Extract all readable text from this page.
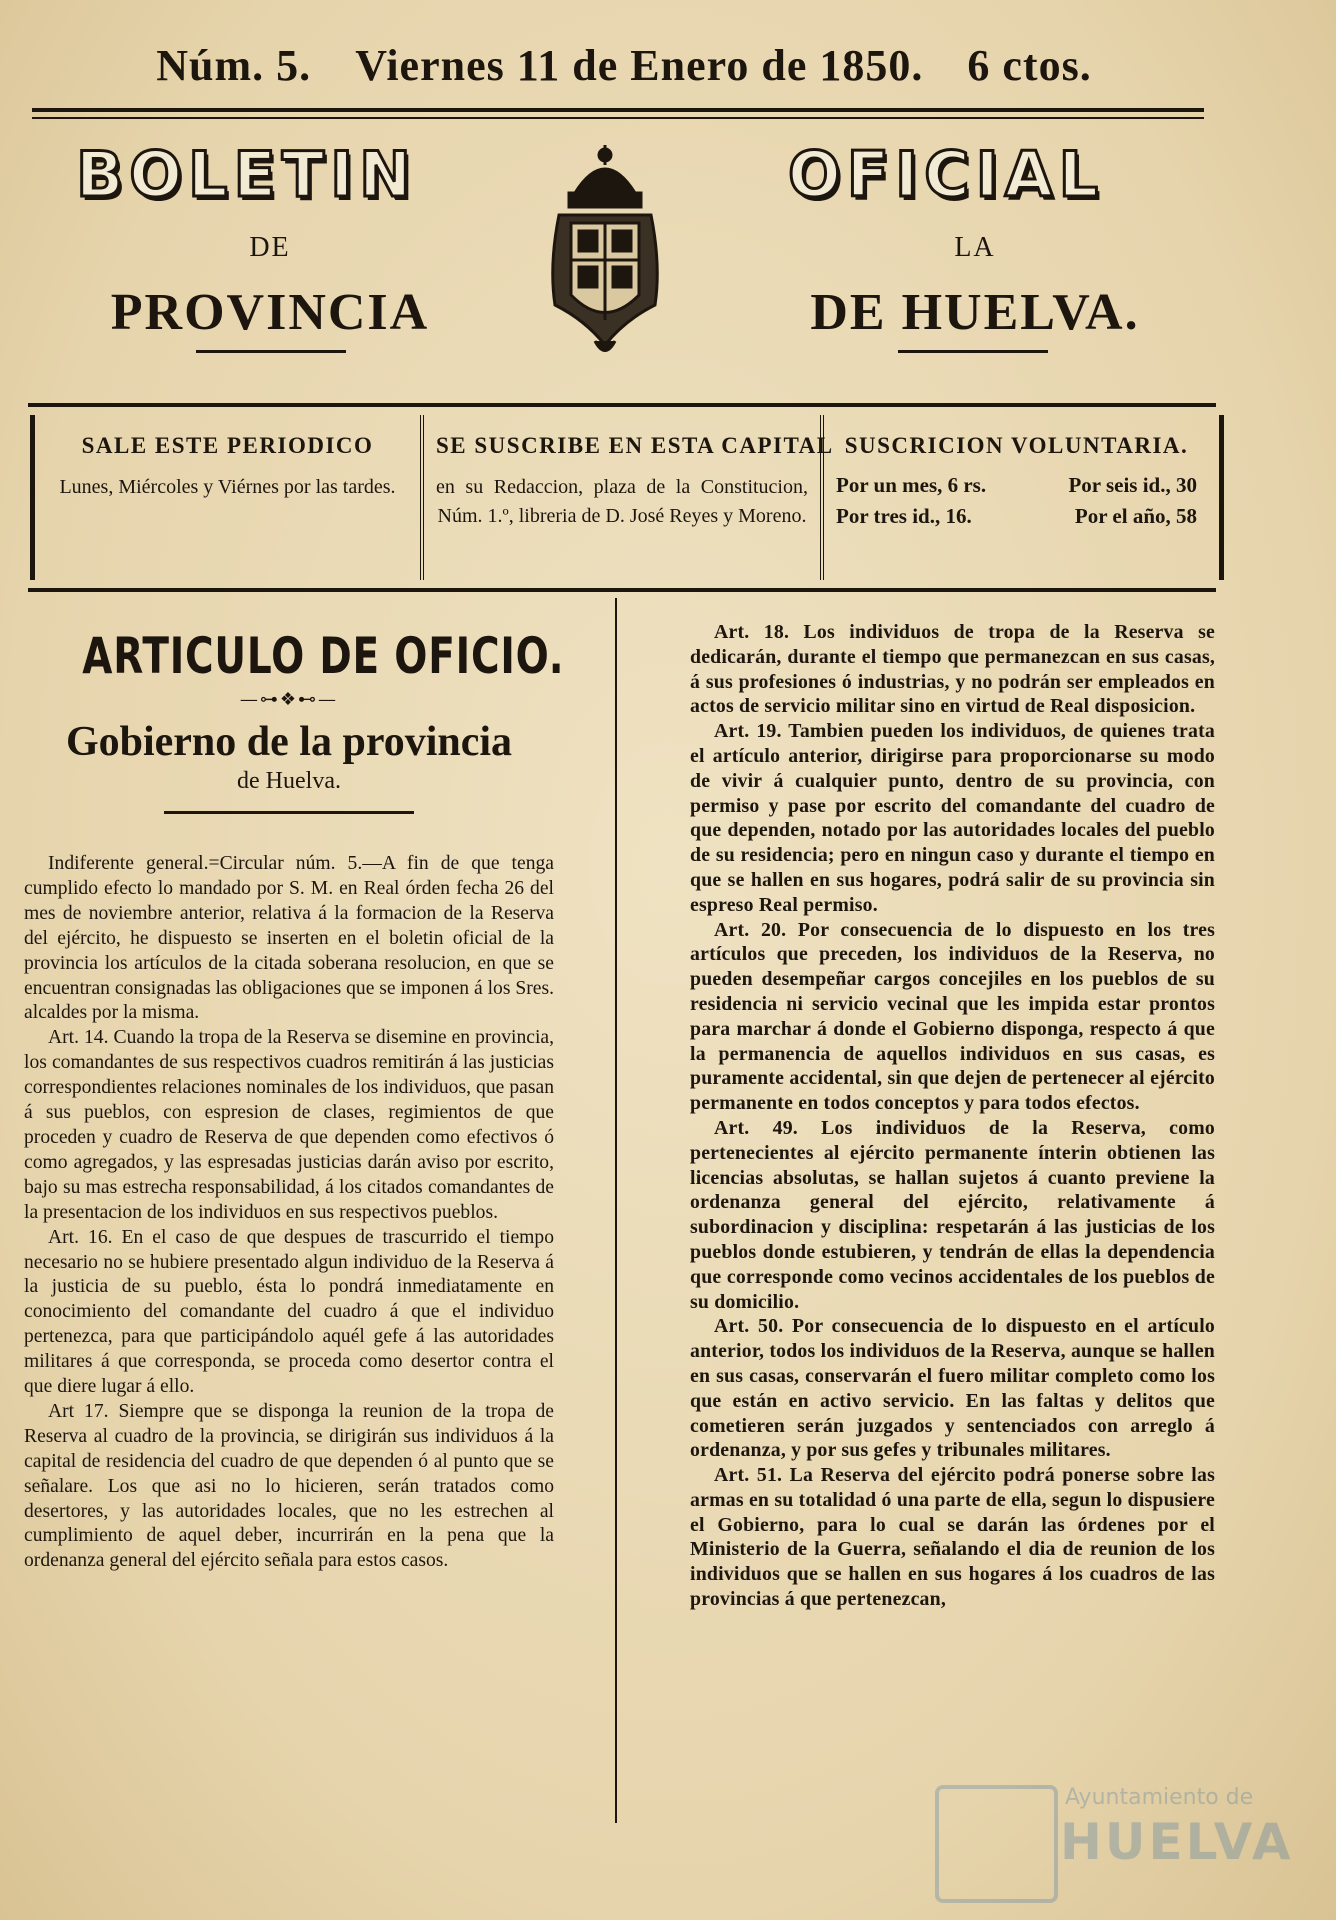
Núm. 5. Viernes 11 de Enero de 1850. 6 ctos.
BOLETIN	OFICIAL
DE	LA
PROVINCIA	DE HUELVA.
SALE ESTE PERIODICO
Lunes, Miércoles y Viérnes por las tardes.
SE SUSCRIBE EN ESTA CAPITAL
en su Redaccion, plaza de la Constitucion, Núm. 1.º, libreria de D. José Reyes y Moreno.
SUSCRICION VOLUNTARIA.
Por un mes, 6 rs.	Por seis id., 30
Por tres id., 16.	Por el año, 58
ARTICULO DE OFICIO.
—⊶❖⊷—
Gobierno de la provincia
de Huelva.

Indiferente general.=Circular núm. 5.—A fin de que tenga cumplido efecto lo mandado por S. M. en Real órden fecha 26 del mes de noviembre anterior, relativa á la formacion de la Reserva del ejército, he dispuesto se inserten en el boletin oficial de la provincia los artículos de la citada soberana resolucion, en que se encuentran consignadas las obligaciones que se imponen á los Sres. alcaldes por la misma.

Art. 14. Cuando la tropa de la Reserva se disemine en provincia, los comandantes de sus respectivos cuadros remitirán á las justicias correspondientes relaciones nominales de los individuos, que pasan á sus pueblos, con espresion de clases, regimientos de que proceden y cuadro de Reserva de que dependen como efectivos ó como agregados, y las espresadas justicias darán aviso por escrito, bajo su mas estrecha responsabilidad, á los citados comandantes de la presentacion de los individuos en sus respectivos pueblos.

Art. 16. En el caso de que despues de trascurrido el tiempo necesario no se hubiere presentado algun individuo de la Reserva á la justicia de su pueblo, ésta lo pondrá inmediatamente en conocimiento del comandante del cuadro á que el individuo pertenezca, para que participándolo aquél gefe á las autoridades militares á que corresponda, se proceda como desertor contra el que diere lugar á ello.

Art 17. Siempre que se disponga la reunion de la tropa de Reserva al cuadro de la provincia, se dirigirán sus individuos á la capital de residencia del cuadro de que dependen ó al punto que se señalare. Los que asi no lo hicieren, serán tratados como desertores, y las autoridades locales, que no les estrechen al cumplimiento de aquel deber, incurrirán en la pena que la ordenanza general del ejército señala para estos casos.

Art. 18. Los individuos de tropa de la Reserva se dedicarán, durante el tiempo que permanezcan en sus casas, á sus profesiones ó industrias, y no podrán ser empleados en actos de servicio militar sino en virtud de Real disposicion.

Art. 19. Tambien pueden los individuos, de quienes trata el artículo anterior, dirigirse para proporcionarse su modo de vivir á cualquier punto, dentro de su provincia, con permiso y pase por escrito del comandante del cuadro de que dependen, notado por las autoridades locales del pueblo de su residencia; pero en ningun caso y durante el tiempo en que se hallen en sus hogares, podrá salir de su provincia sin espreso Real permiso.

Art. 20. Por consecuencia de lo dispuesto en los tres artículos que preceden, los individuos de la Reserva, no pueden desempeñar cargos concejiles en los pueblos de su residencia ni servicio vecinal que les impida estar prontos para marchar á donde el Gobierno disponga, respecto á que la permanencia de aquellos individuos en sus casas, es puramente accidental, sin que dejen de pertenecer al ejército permanente en todos conceptos y para todos efectos.

Art. 49. Los individuos de la Reserva, como pertenecientes al ejército permanente ínterin obtienen las licencias absolutas, se hallan sujetos á cuanto previene la ordenanza general del ejército, relativamente á subordinacion y disciplina: respetarán á las justicias de los pueblos donde estubieren, y tendrán de ellas la dependencia que corresponde como vecinos accidentales de los pueblos de su domicilio.

Art. 50. Por consecuencia de lo dispuesto en el artículo anterior, todos los individuos de la Reserva, aunque se hallen en sus casas, conservarán el fuero militar completo como los que están en activo servicio. En las faltas y delitos que cometieren serán juzgados y sentenciados con arreglo á ordenanza, y por sus gefes y tribunales militares.

Art. 51. La Reserva del ejército podrá ponerse sobre las armas en su totalidad ó una parte de ella, segun lo dispusiere el Gobierno, para lo cual se darán las órdenes por el Ministerio de la Guerra, señalando el dia de reunion de los individuos que se hallen en sus hogares á los cuadros de las provincias á que pertenezcan,

Ayuntamiento de
HUELVA
